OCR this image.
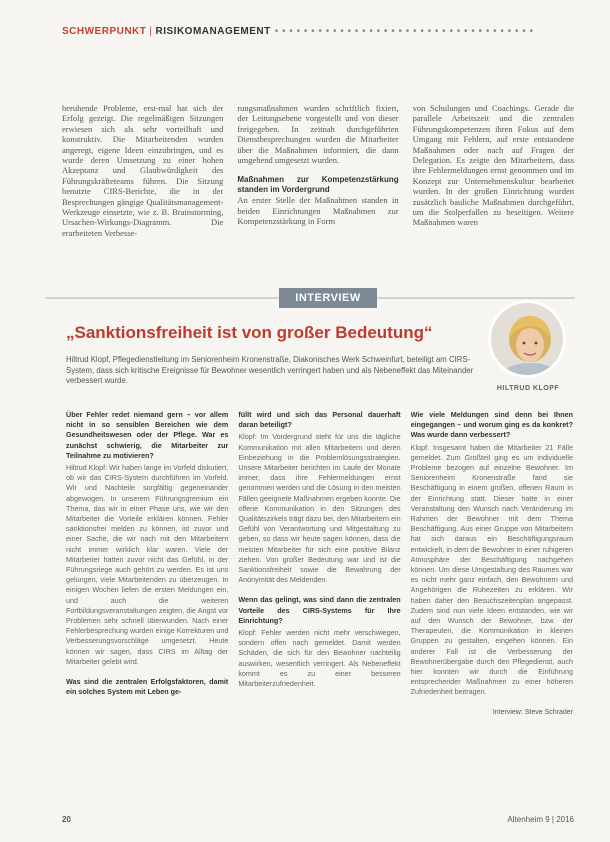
SCHWERPUNKT | RISIKOMANAGEMENT • • • • • • • • • • • • • • • • • • • • • • • • • • • • • • • • • • • •

beruhende Probleme, erst-mal hat sich der Erfolg gezeigt. Die regelmäßigen Sitzungen erwiesen sich als sehr vorteilhaft und konstruktiv. Die Mitarbeitenden wurden angeregt, eigene Ideen einzubringen, und es wurde deren Umsetzung zu einer hohen Akzeptanz und Glaubwürdigkeit des Führungskräfteteams führen. Die Sitzung benutzte CIRS-Berichte, die in der Besprechungen gängige Qualitätsmanagement-Werkzeuge einsetzte, wie z. B. Brainstorming, Ursachen-Wirkungs-Diagramm. Die erarbeiteten Verbesse-

rungsmaßnahmen wurden schriftlich fixiert, der Leitungsebene vorgestellt und von dieser freigegeben. In zeitnah durchgeführten Dienstbesprechungen wurden die Mitarbeiter über die Maßnahmen informiert, die dann umgehend umgesetzt wurden.

Maßnahmen zur Kompetenzstärkung standen im Vordergrund

An erster Stelle der Maßnahmen standen in beiden Einrichtungen Maßnahmen zur Kompetenzstärkung in Form

von Schulungen und Coachings. Gerade die parallele Arbeitszeit und die zentralen Führungskompetenzen ihren Fokus auf dem Umgang mit Fehlern, auf erste entstandene Maßnahmen oder nach auf Fragen der Delegation. Es zeigte den Mitarbeitern, dass ihre Fehlermeldungen ernst genommen und im Konzept zur Unternehmenskultur bearbeitet wurden. In der großen Einrichtung wurden zusätzlich bauliche Maßnahmen durchgeführt, um die Stolperfallen zu beseitigen. Weitere Maßnahmen waren

INTERVIEW
„Sanktionsfreiheit ist von großer Bedeutung“
Hiltrud Klopf, Pflegedienstleitung im Seniorenheim Kronenstraße, Diakonisches Werk Schweinfurt, beteiligt am CIRS-System, dass sich kritische Ereignisse für Bewohner wesentlich verringert haben und als Nebeneffekt das Miteinander verbessert wurde.
HILTRUD KLOPF

Über Fehler redet niemand gern – vor allem nicht in so sensiblen Bereichen wie dem Gesundheitswesen oder der Pflege. War es zunächst schwierig, die Mitarbeiter zur Teilnahme zu motivieren?

Hiltrud Klopf: Wir haben lange im Vorfeld diskutiert, ob wir das CIRS-System durchführen im Vorfeld. Wir und Nachteile sorgfältig gegeneinander abgewogen. In unserem Führungsgremium ein Thema, das wir in einer Phase uns, wie wir den Mitarbeiter die Vorteile erklären können. Fehler sanktionsfrei melden zu können, ist zuvor und einer Sache, die wir nach mit den Mitarbeitern nicht immer wirklich klar waren. Viele der Mitarbeiter hatten zuvor nicht das Gefühl, in der Führungsriege auch gehört zu werden. Es ist uns gelungen, viele Mitarbeitenden zu überzeugen. In einigen Wochen liefen die ersten Meldungen ein, und auch die weiteren Fortbildungsveranstaltungen zeigten, die Angst vor Problemen sehr schnell überwunden. Nach einer Fehlerbesprechung wurden einige Korrekturen und Verbesserungsvorschläge umgesetzt. Heute können wir sagen, dass CIRS im Alltag der Mitarbeiter gelebt wird.

Was sind die zentralen Erfolgsfaktoren, damit ein solches System mit Leben ge-

füllt wird und sich das Personal dauerhaft daran beteiligt?

Klopf: Im Vordergrund steht für uns die tägliche Kommunikation mit allen Mitarbeitern und deren Einbeziehung in die Problemlösungsstrategien. Unsere Mitarbeiter berichten im Laufe der Monate immer, dass ihre Fehlermeldungen ernst genommen werden und die Lösung in den meisten Fällen geeignete Maßnahmen ergeben konnte. Die offene Kommunikation in den Sitzungen des Qualitätszirkels trägt dazu bei, den Mitarbeitern ein Gefühl von Verantwortung und Mitgestaltung zu geben, so dass wir heute sagen können, dass die meisten Mitarbeiter für sich eine positive Bilanz ziehen. Von großer Bedeutung war und ist die Sanktionsfreiheit sowie die Bewahrung der Anonymität des Meldenden.

Wenn das gelingt, was sind dann die zentralen Vorteile des CIRS-Systems für Ihre Einrichtung?

Klopf: Fehler werden nicht mehr verschwiegen, sondern offen nach gemeldet. Damit werden Schäden, die sich für den Bewohner nachteilig auswirken, wesentlich verringert. Als Nebeneffekt kommt es zu einer besseren Mitarbeiterzufriedenheit.

Wie viele Meldungen sind denn bei Ihnen eingegangen – und worum ging es da konkret? Was wurde dann verbessert?

Klopf: Insgesamt haben die Mitarbeiter 21 Fälle gemeldet. Zum Großteil ging es um individuelle Probleme bezogen auf einzelne Bewohner. Im Seniorenheim Kronenstraße fand sie Beschäftigung in einem großen, offenen Raum in der Einrichtung statt. Dieser hatte in einer Veranstaltung den Wunsch nach Veränderung im Rahmen der Bewohner mit dem Thema Beschäftigung. Aus einer Gruppe von Mitarbeitern hat sich daraus ein Beschäftigungsraum entwickelt, in dem die Bewohner in einer ruhigeren Atmosphäre der Beschäftigung nachgehen können. Um diese Umgestaltung des Raumes war es nicht mehr ganz einfach, den Bewohnern und Angehörigen die Ruhezeiten zu erklären. Wir haben daher den Besuchszeitenplan angepasst. Zudem sind nun viele Ideen entstanden, wie wir auf den Wunsch der Bewohner, bzw. der Therapeuten, die Kommunikation in kleinen Gruppen zu gestalten, eingehen können. Ein anderer Fall ist die Verbesserung der Bewohnerübergabe durch den Pflegedienst, auch hier konnten wir durch die Einführung entsprechender Maßnahmen zu einer höheren Zufriedenheit beitragen.

Interview: Steve Schrader

20	Altenheim 9 | 2016
